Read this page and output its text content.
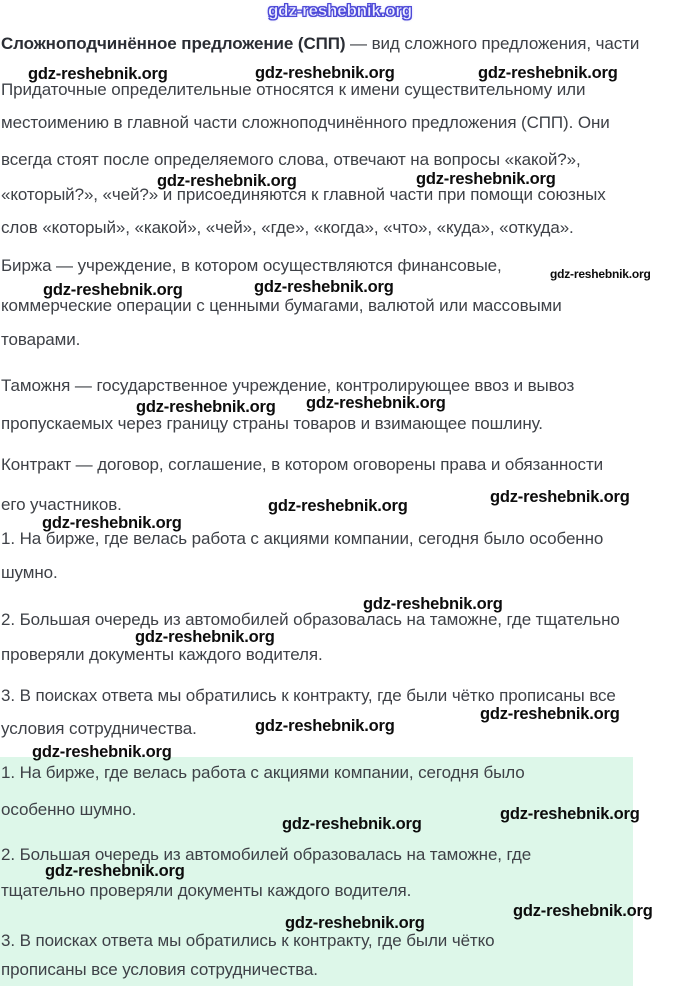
gdz-reshebnik.org
Сложноподчинённое предложение (СПП) — вид сложного предложения, части
Придаточные определительные относятся к имени существительному или
местоимению в главной части сложноподчинённого предложения (СПП). Они
всегда стоят после определяемого слова, отвечают на вопросы «какой?»,
«который?», «чей?» и присоединяются к главной части при помощи союзных
слов «который», «какой», «чей», «где», «когда», «что», «куда», «откуда».
Биржа — учреждение, в котором осуществляются финансовые,
коммерческие операции с ценными бумагами, валютой или массовыми
товарами.
Таможня — государственное учреждение, контролирующее ввоз и вывоз
пропускаемых через границу страны товаров и взимающее пошлину.
Контракт — договор, соглашение, в котором оговорены права и обязанности
его участников.
1. На бирже, где велась работа с акциями компании, сегодня было особенно
шумно.
2. Большая очередь из автомобилей образовалась на таможне, где тщательно
проверяли документы каждого водителя.
3. В поисках ответа мы обратились к контракту, где были чётко прописаны все
условия сотрудничества.
gdz-reshebnik.org	gdz-reshebnik.org	gdz-reshebnik.org
gdz-reshebnik.org	gdz-reshebnik.org
gdz-reshebnik.org
gdz-reshebnik.org	gdz-reshebnik.org
gdz-reshebnik.org gdz-reshebnik.org
gdz-reshebnik.org	gdz-reshebnik.org
gdz-reshebnik.org
gdz-reshebnik.org
gdz-reshebnik.org
gdz-reshebnik.org
gdz-reshebnik.org
gdz-reshebnik.org
gdz-reshebnik.org
gdz-reshebnik.org
gdz-reshebnik.org
gdz-reshebnik.org
gdz-reshebnik.org
1. На бирже, где велась работа с акциями компании, сегодня было
особенно шумно.
2. Большая очередь из автомобилей образовалась на таможне, где
тщательно проверяли документы каждого водителя.
3. В поисках ответа мы обратились к контракту, где были чётко
прописаны все условия сотрудничества.
